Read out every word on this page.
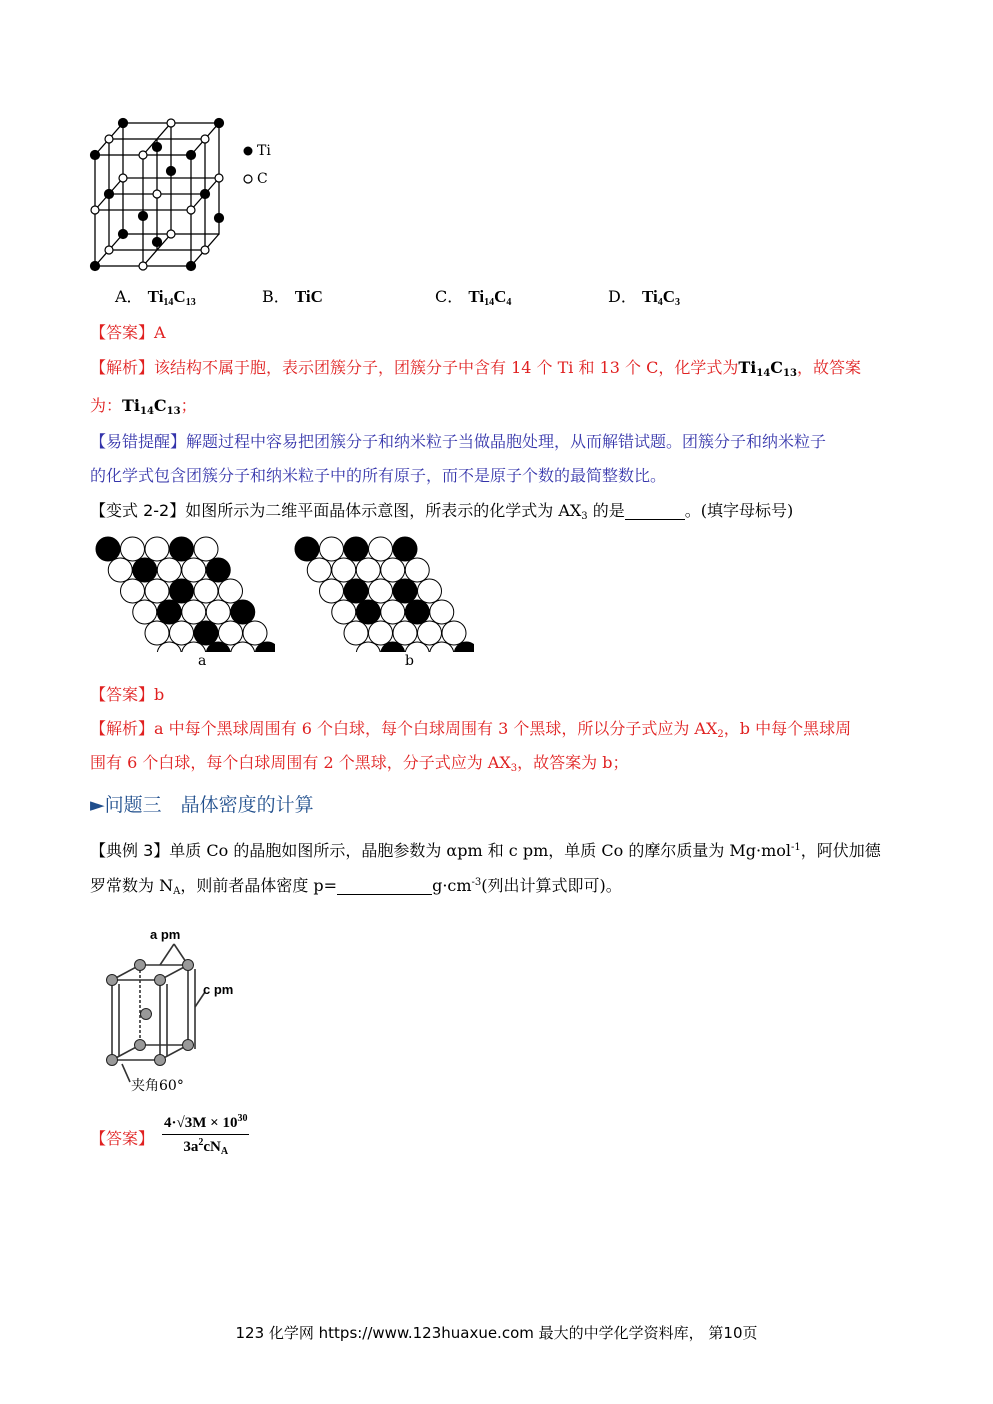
Ti
C
A． $Ti_{14}C_{13}$	B． TiC	C． $Ti_{14}C_4$	D． $Ti_4C_3$
【答案】A
【解析】该结构不属于胞，表示团簇分子，团簇分子中含有 14 个 Ti 和 13 个 C，化学式为$Ti_{14}C_{13}$，故答案
为：$Ti_{14}C_{13}$；
【易错提醒】解题过程中容易把团簇分子和纳米粒子当做晶胞处理，从而解错试题。团簇分子和纳米粒子
的化学式包含团簇分子和纳米粒子中的所有原子，而不是原子个数的最简整数比。
【变式 2-2】如图所示为二维平面晶体示意图，所表示的化学式为 $AX_3$ 的是	。(填字母标号)
a	b
【答案】b
【解析】a 中每个黑球周围有 6 个白球，每个白球周围有 3 个黑球，所以分子式应为 $AX_2$，b 中每个黑球周
围有 6 个白球，每个白球周围有 2 个黑球，分子式应为 $AX_3$，故答案为 b；
►问题三　晶体密度的计算
【典例 3】单质 Co 的晶胞如图所示，晶胞参数为 αpm 和 c pm，单质 Co 的摩尔质量为 Mg·mol$^{-1}$，阿伏加德
罗常数为 $N_A$，则前者晶体密度 p=	$g\cdot cm^{-3}$(列出计算式即可)。
a pm
c pm
夹角60°
【答案】
$4\cdot√3M \times 10^{30}$
$3a^2cN_A$
123 化学网 https://www.123huaxue.com 最大的中学化学资料库， 第10页
